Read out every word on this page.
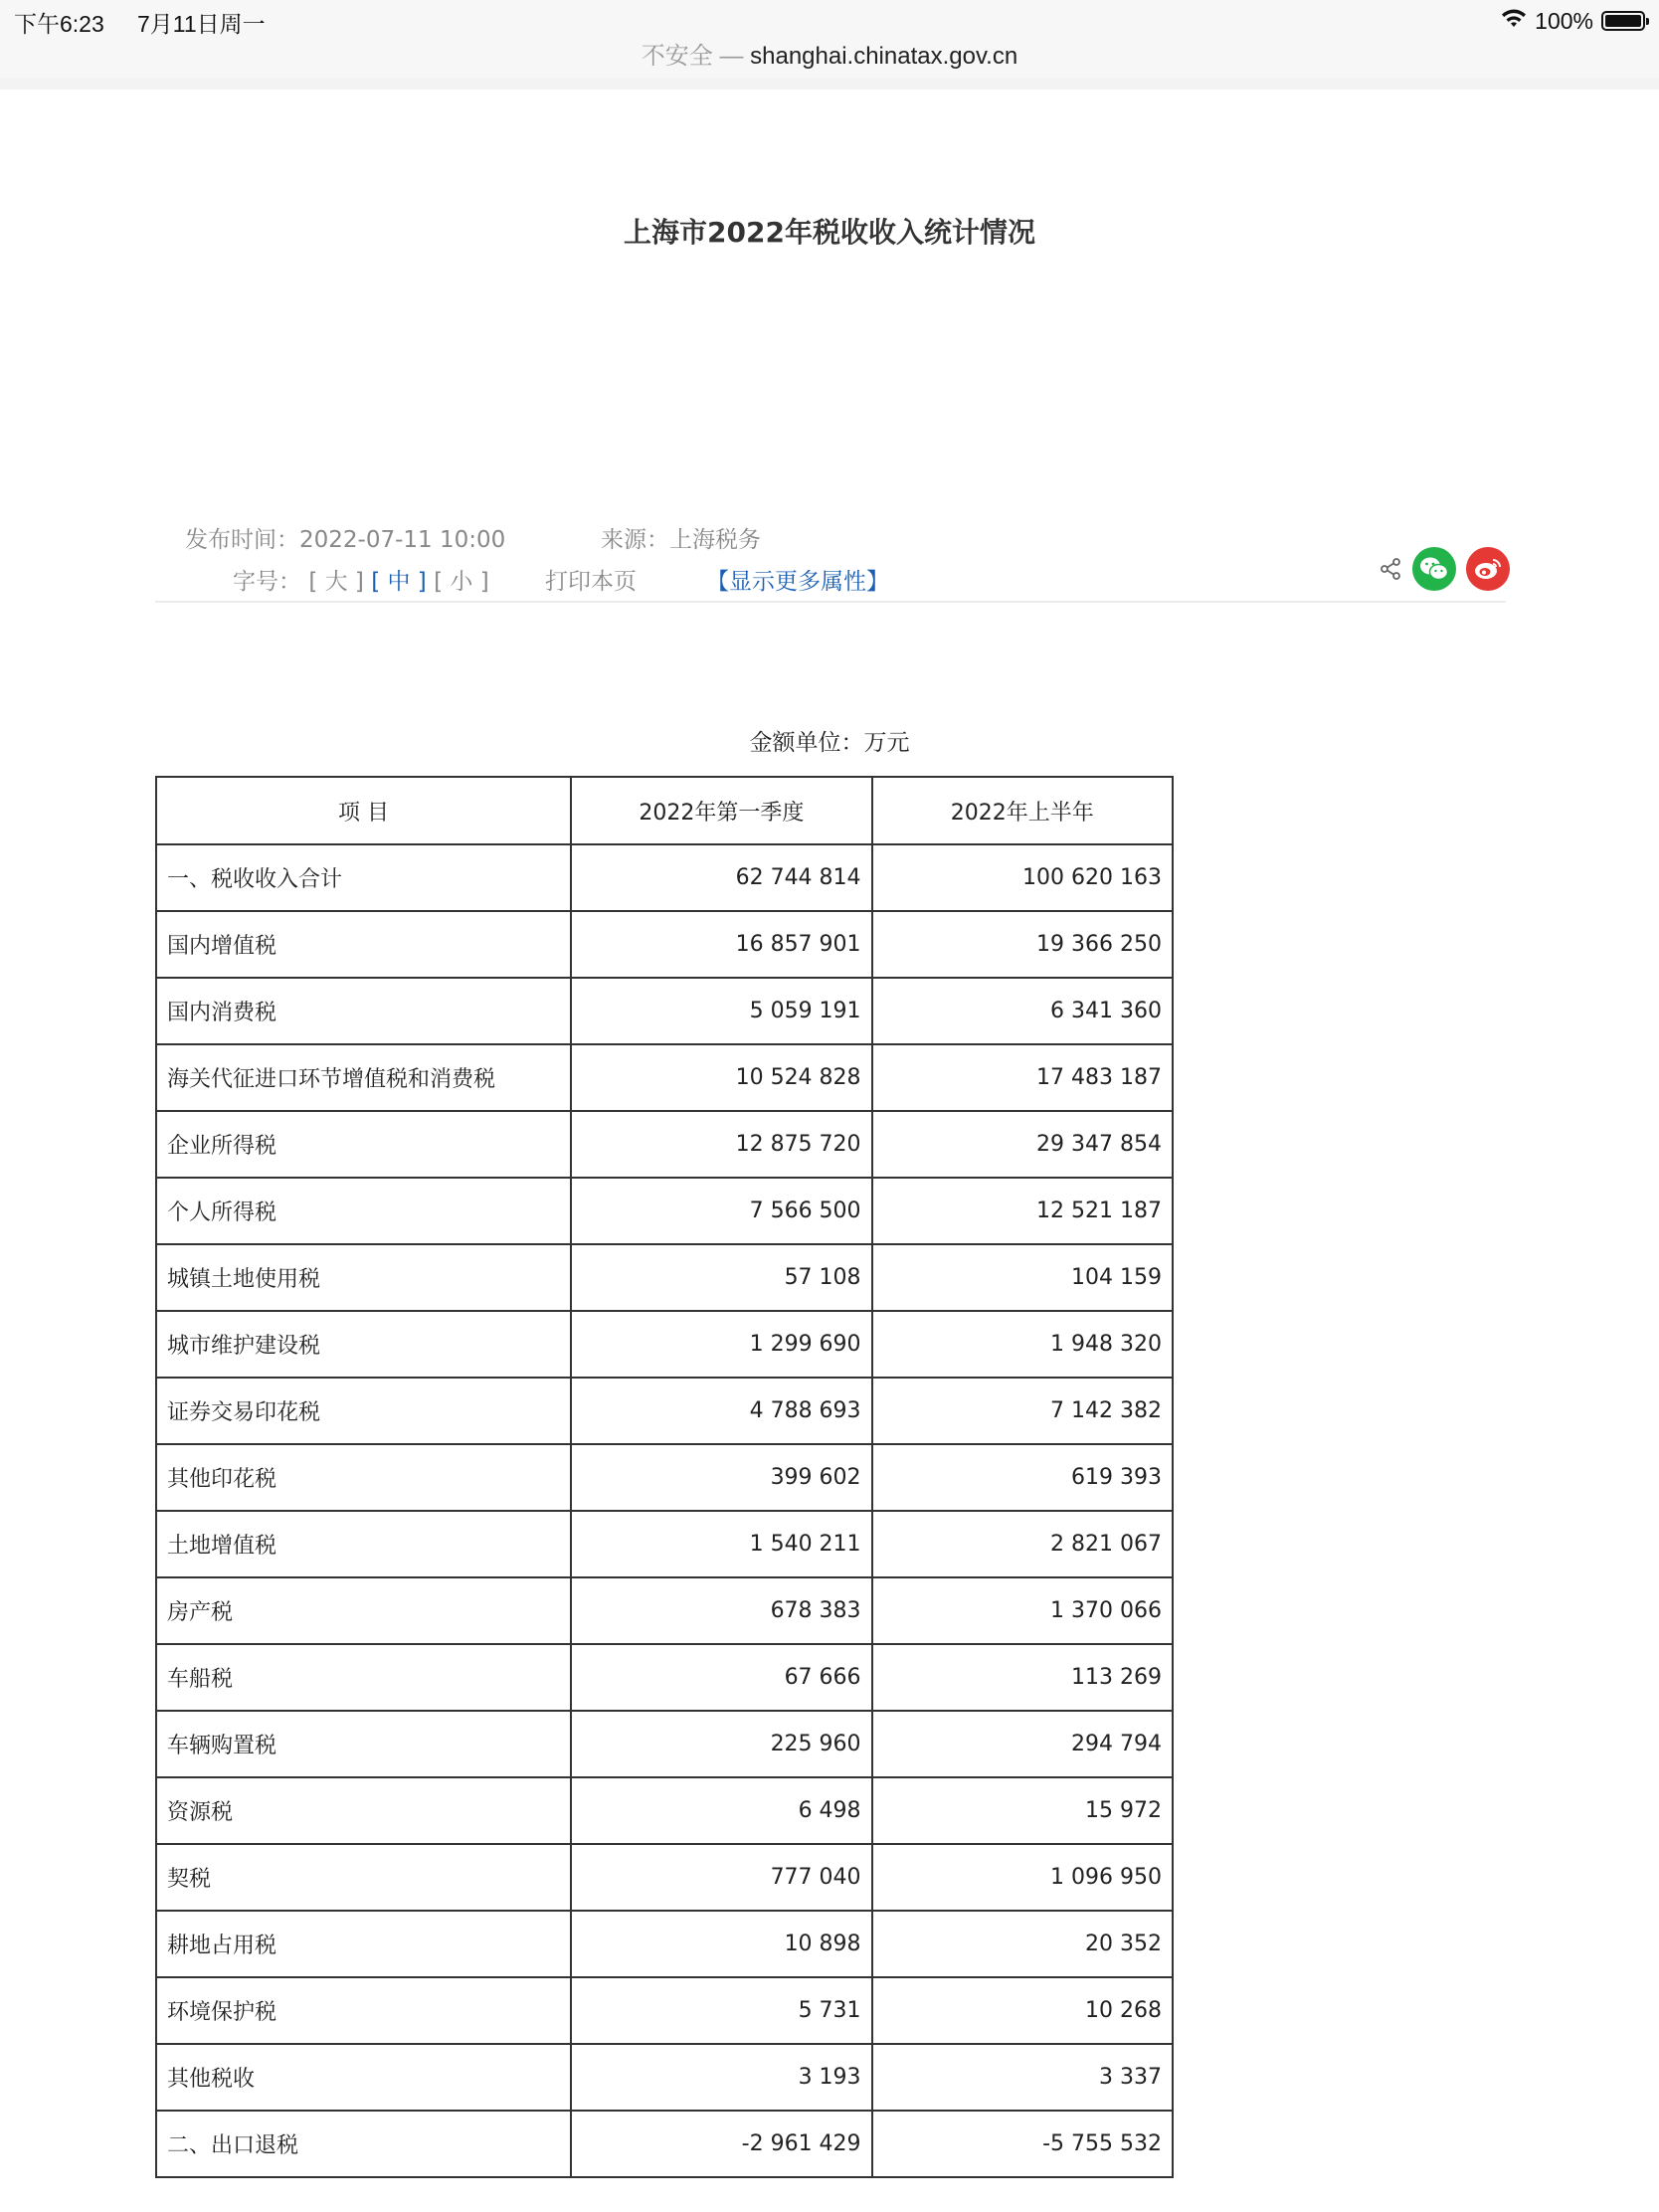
下午6:23 7月11日周一	100%
不安全 — shanghai.chinatax.gov.cn
上海市2022年税收收入统计情况
发布时间：2022-07-11 10:00	来源：上海税务
字号： [ 大 ] [ 中 ] [ 小 ] 打印本页	【显示更多属性】
金额单位：万元
项 目	2022年第一季度	2022年上半年
一、税收收入合计	62 744 814	100 620 163
国内增值税	16 857 901	19 366 250
国内消费税	5 059 191	6 341 360
海关代征进口环节增值税和消费税	10 524 828	17 483 187
企业所得税	12 875 720	29 347 854
个人所得税	7 566 500	12 521 187
城镇土地使用税	57 108	104 159
城市维护建设税	1 299 690	1 948 320
证券交易印花税	4 788 693	7 142 382
其他印花税	399 602	619 393
土地增值税	1 540 211	2 821 067
房产税	678 383	1 370 066
车船税	67 666	113 269
车辆购置税	225 960	294 794
资源税	6 498	15 972
契税	777 040	1 096 950
耕地占用税	10 898	20 352
环境保护税	5 731	10 268
其他税收	3 193	3 337
二、出口退税	-2 961 429	-5 755 532
